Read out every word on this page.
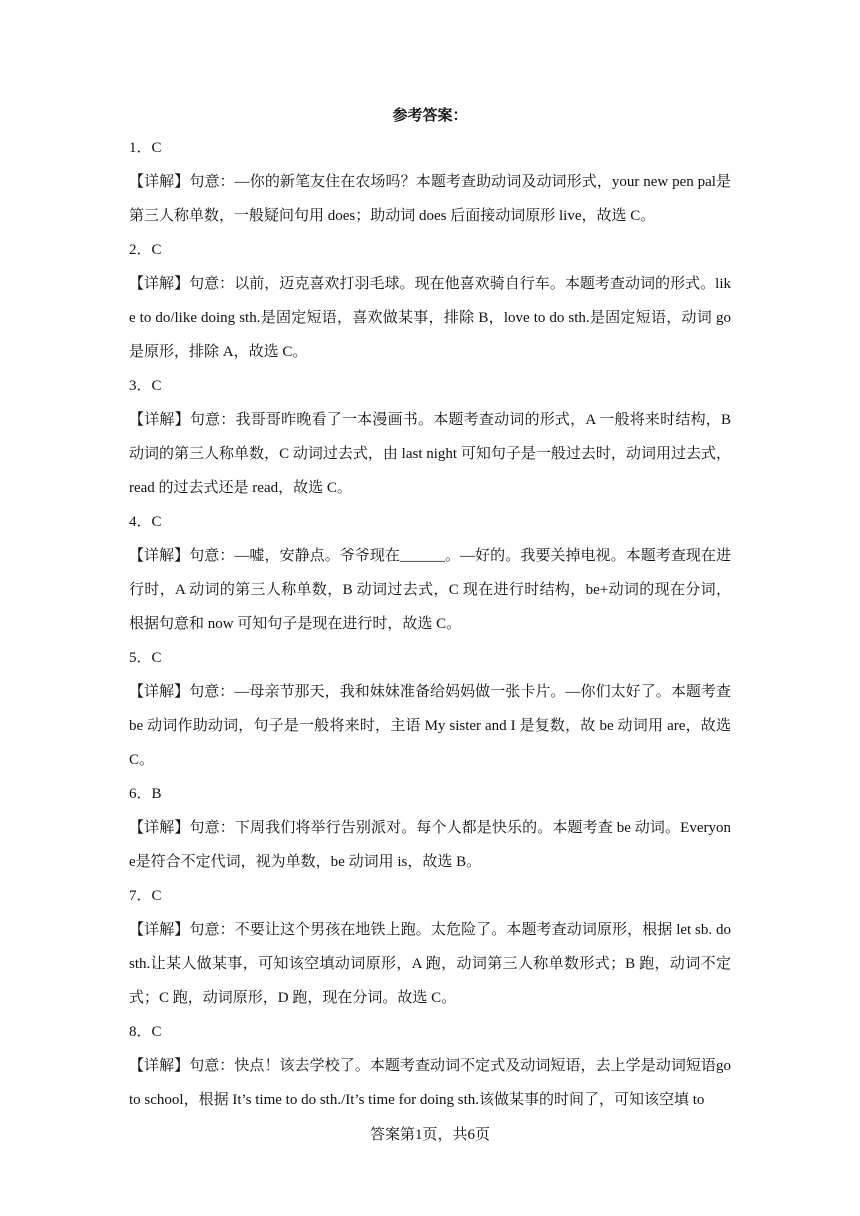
参考答案：
1．C
【详解】句意：—你的新笔友住在农场吗？本题考查助动词及动词形式，your new pen pal是第三人称单数，一般疑问句用 does；助动词 does 后面接动词原形 live，故选 C。
2．C
【详解】句意：以前，迈克喜欢打羽毛球。现在他喜欢骑自行车。本题考查动词的形式。like to do/like doing sth.是固定短语，喜欢做某事，排除 B，love to do sth.是固定短语，动词 go 是原形，排除 A，故选 C。
3．C
【详解】句意：我哥哥昨晚看了一本漫画书。本题考查动词的形式，A 一般将来时结构，B 动词的第三人称单数，C 动词过去式，由 last night 可知句子是一般过去时，动词用过去式，read 的过去式还是 read，故选 C。
4．C
【详解】句意：—嘘，安静点。爷爷现在______。—好的。我要关掉电视。本题考查现在进行时，A 动词的第三人称单数，B 动词过去式，C 现在进行时结构，be+动词的现在分词，根据句意和 now 可知句子是现在进行时，故选 C。
5．C
【详解】句意：—母亲节那天，我和妹妹准备给妈妈做一张卡片。—你们太好了。本题考查be 动词作助动词，句子是一般将来时，主语 My sister and I 是复数，故 be 动词用 are，故选C。
6．B
【详解】句意：下周我们将举行告别派对。每个人都是快乐的。本题考查 be 动词。Everyone是符合不定代词，视为单数，be 动词用 is，故选 B。
7．C
【详解】句意：不要让这个男孩在地铁上跑。太危险了。本题考查动词原形，根据 let sb. do sth.让某人做某事，可知该空填动词原形，A 跑，动词第三人称单数形式；B 跑，动词不定式；C 跑，动词原形，D 跑，现在分词。故选 C。
8．C
【详解】句意：快点！该去学校了。本题考查动词不定式及动词短语，去上学是动词短语go to school，根据 It’s time to do sth./It’s time for doing sth.该做某事的时间了，可知该空填 to
答案第1页，共6页
